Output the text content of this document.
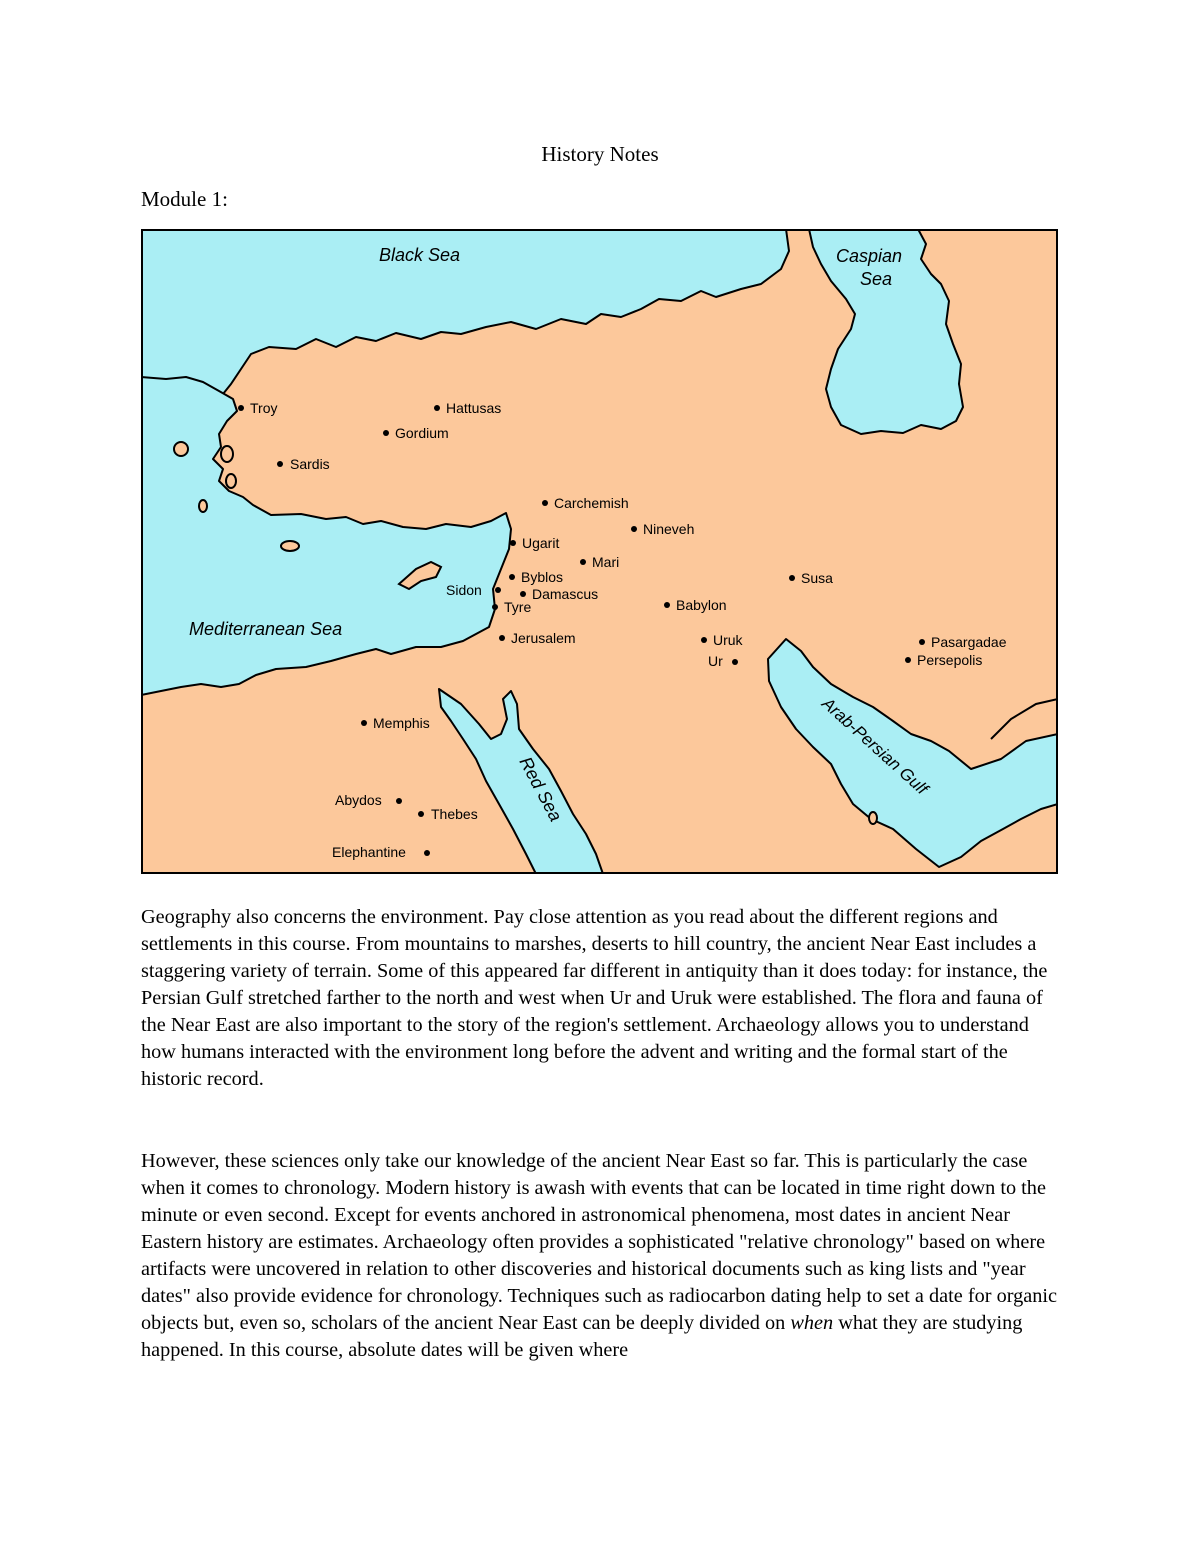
History Notes
Module 1:
Black Sea	Caspian
Sea
Mediterranean Sea
Red Sea	Arab-Persian Gulf
Troy	Hattusas
Gordium
Sardis
Carchemish
Nineveh
Ugarit
Mari
Byblos
Sidon	Damascus
Tyre
Susa
Babylon
Jerusalem	Uruk
Ur
Pasargadae
Persepolis
Memphis
Abydos
Thebes
Elephantine
Geography also concerns the environment. Pay close attention as you read about the different regions and settlements in this course. From mountains to marshes, deserts to hill country, the ancient Near East includes a staggering variety of terrain. Some of this appeared far different in antiquity than it does today: for instance, the Persian Gulf stretched farther to the north and west when Ur and Uruk were established. The flora and fauna of the Near East are also important to the story of the region's settlement. Archaeology allows you to understand how humans interacted with the environment long before the advent and writing and the formal start of the historic record.
However, these sciences only take our knowledge of the ancient Near East so far. This is particularly the case when it comes to chronology. Modern history is awash with events that can be located in time right down to the minute or even second. Except for events anchored in astronomical phenomena, most dates in ancient Near Eastern history are estimates. Archaeology often provides a sophisticated "relative chronology" based on where artifacts were uncovered in relation to other discoveries and historical documents such as king lists and "year dates" also provide evidence for chronology. Techniques such as radiocarbon dating help to set a date for organic objects but, even so, scholars of the ancient Near East can be deeply divided on when what they are studying happened. In this course, absolute dates will be given where
